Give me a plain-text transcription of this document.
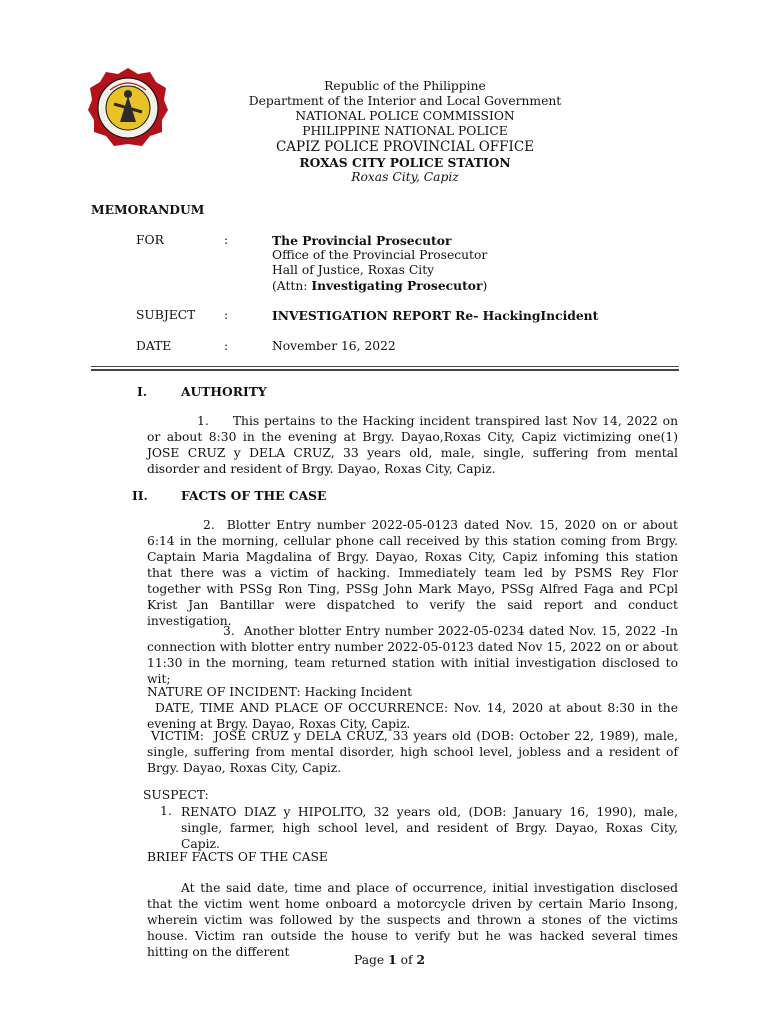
Republic of the Philippine
Department of the Interior and Local Government
NATIONAL POLICE COMMISSION
PHILIPPINE NATIONAL POLICE
CAPIZ POLICE PROVINCIAL OFFICE
ROXAS CITY POLICE STATION
Roxas City, Capiz
MEMORANDUM
FOR	:	The Provincial Prosecutor
Office of the Provincial Prosecutor
Hall of Justice, Roxas City
(Attn: Investigating Prosecutor)
SUBJECT :	INVESTIGATION REPORT Re- HackingIncident
DATE	:	November 16, 2022
I.	AUTHORITY
1.     This pertains to the Hacking incident transpired last Nov 14, 2022 on or about 8:30 in the evening at Brgy. Dayao,Roxas City, Capiz victimizing one(1) JOSE CRUZ y DELA CRUZ, 33 years old, male, single, suffering from mental disorder and resident of Brgy. Dayao, Roxas City, Capiz.
II.	FACTS OF THE CASE
2.  Blotter Entry number 2022-05-0123 dated Nov. 15, 2020 on or about 6:14 in the morning, cellular phone call received by this station coming from Brgy. Captain Maria Magdalina of Brgy. Dayao, Roxas City, Capiz infoming this station that there was a victim of hacking. Immediately team led by PSMS Rey Flor together with PSSg Ron Ting, PSSg John Mark Mayo, PSSg Alfred Faga and PCpl Krist Jan Bantillar were dispatched to verify the said report and conduct investigation.
3.  Another blotter Entry number 2022-05-0234 dated Nov. 15, 2022 -In connection with blotter entry number 2022-05-0123 dated Nov 15, 2022 on or about 11:30 in the morning, team returned station with initial investigation disclosed to wit;
NATURE OF INCIDENT: Hacking Incident
DATE, TIME AND PLACE OF OCCURRENCE: Nov. 14, 2020 at about 8:30 in the evening at Brgy. Dayao, Roxas City, Capiz.
VICTIM:  JOSE CRUZ y DELA CRUZ, 33 years old (DOB: October 22, 1989), male, single, suffering from mental disorder, high school level, jobless and a resident of Brgy. Dayao, Roxas City, Capiz.
SUSPECT:
1. RENATO DIAZ y HIPOLITO, 32 years old, (DOB: January 16, 1990), male, single, farmer, high school level, and resident of Brgy. Dayao, Roxas City, Capiz.
BRIEF FACTS OF THE CASE
At the said date, time and place of occurrence, initial investigation disclosed that the victim went home onboard a motorcycle driven by certain Mario Insong, wherein victim was followed by the suspects and thrown a stones of the victims house. Victim ran outside the house to verify but he was hacked several times hitting on the different
Page 1 of 2
